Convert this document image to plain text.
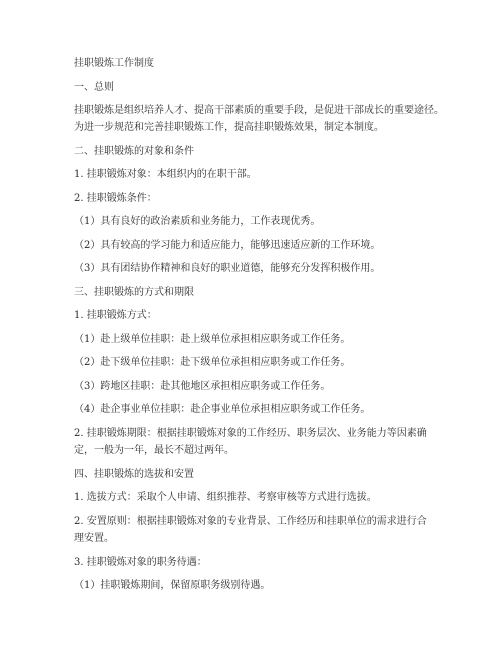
挂职锻炼工作制度
一、总则
挂职锻炼是组织培养人才、提高干部素质的重要手段，是促进干部成长的重要途径。
为进一步规范和完善挂职锻炼工作，提高挂职锻炼效果，制定本制度。
二、挂职锻炼的对象和条件
1. 挂职锻炼对象：本组织内的在职干部。
2. 挂职锻炼条件：
（1）具有良好的政治素质和业务能力，工作表现优秀。
（2）具有较高的学习能力和适应能力，能够迅速适应新的工作环境。
（3）具有团结协作精神和良好的职业道德，能够充分发挥积极作用。
三、挂职锻炼的方式和期限
1. 挂职锻炼方式：
（1）赴上级单位挂职：赴上级单位承担相应职务或工作任务。
（2）赴下级单位挂职：赴下级单位承担相应职务或工作任务。
（3）跨地区挂职：赴其他地区承担相应职务或工作任务。
（4）赴企事业单位挂职：赴企事业单位承担相应职务或工作任务。
2. 挂职锻炼期限：根据挂职锻炼对象的工作经历、职务层次、业务能力等因素确
定，一般为一年，最长不超过两年。
四、挂职锻炼的选拔和安置
1. 选拔方式：采取个人申请、组织推荐、考察审核等方式进行选拔。
2. 安置原则：根据挂职锻炼对象的专业背景、工作经历和挂职单位的需求进行合
理安置。
3. 挂职锻炼对象的职务待遇：
（1）挂职锻炼期间，保留原职务级别待遇。
